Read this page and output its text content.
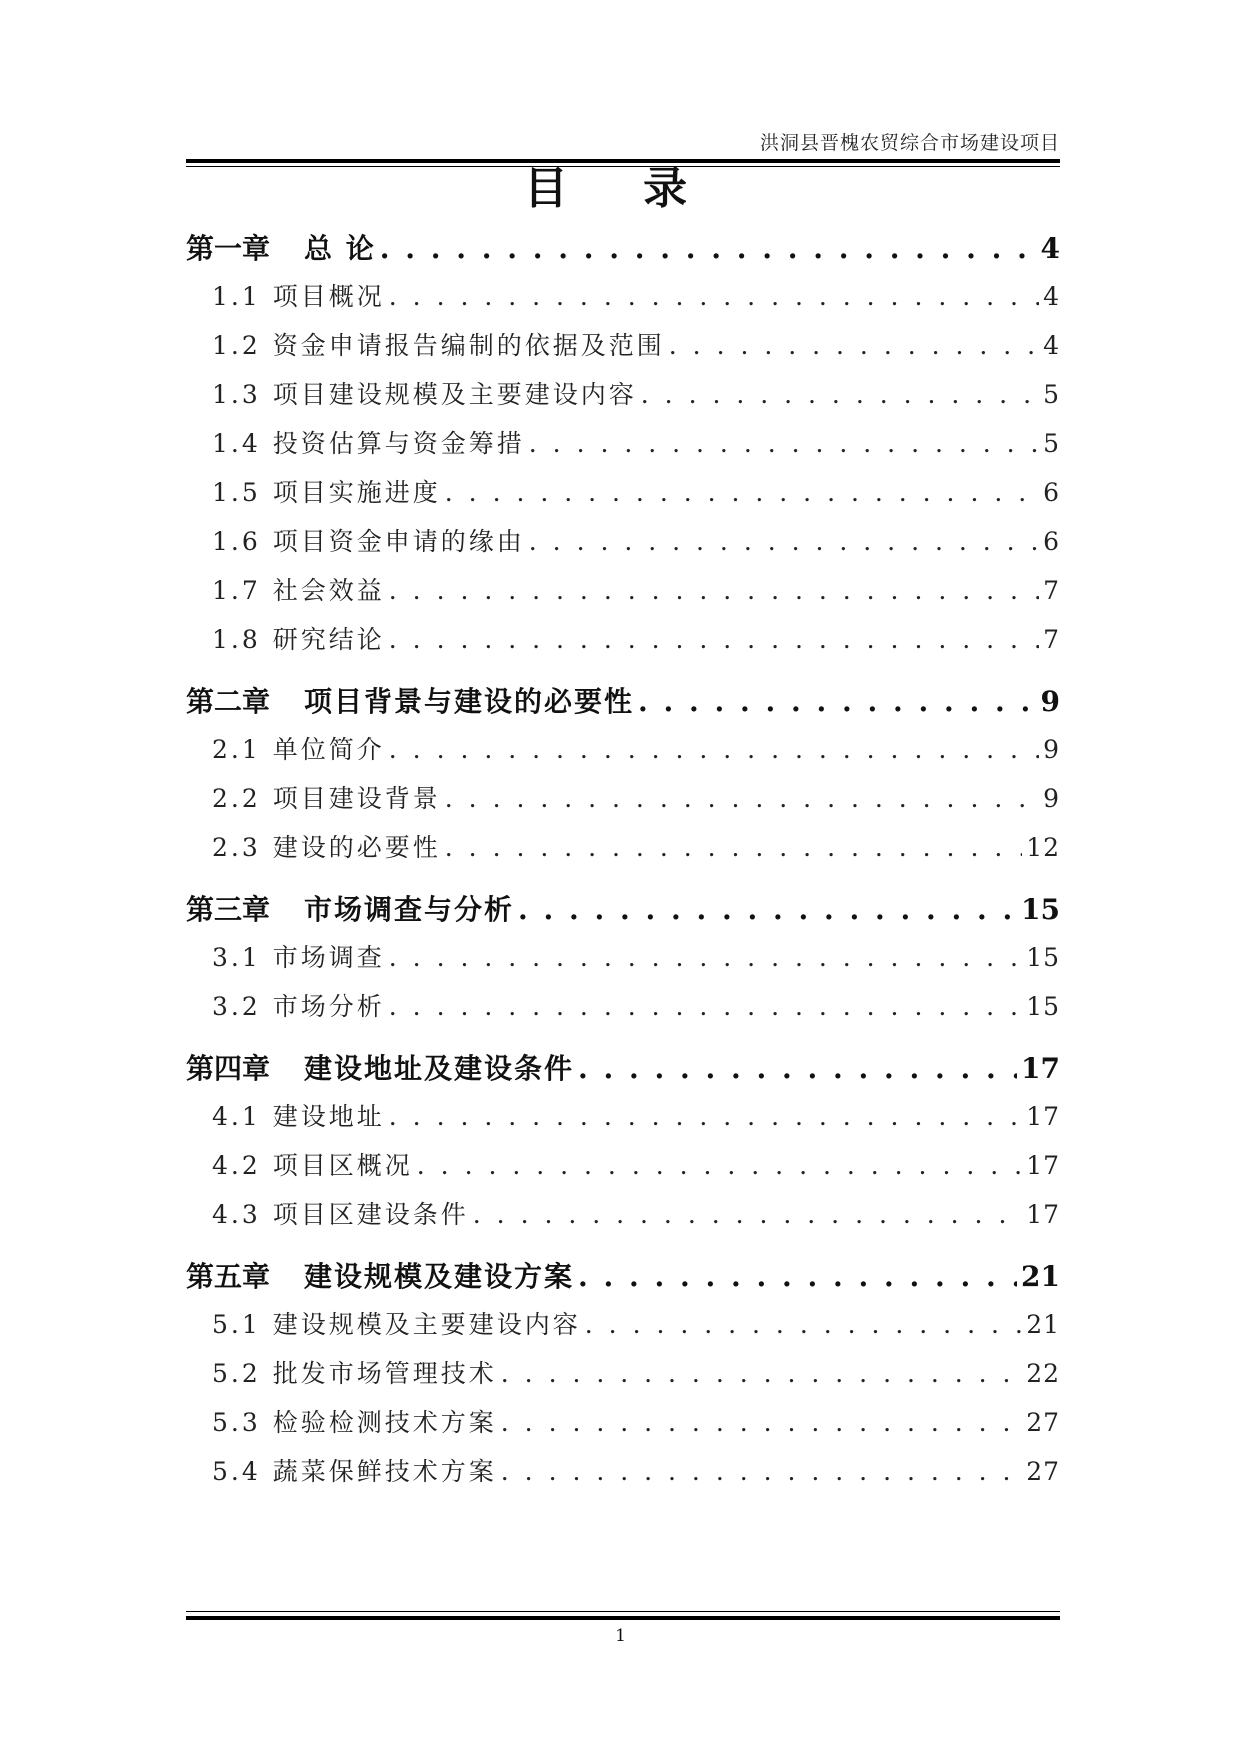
洪洞县晋槐农贸综合市场建设项目
目 录
第一章 总 论 . . .	4
1.1 项目概况 . . .	4
1.2 资金申请报告编制的依据及范围 . . .	4
1.3 项目建设规模及主要建设内容 . . .	5
1.4 投资估算与资金筹措 . . .	5
1.5 项目实施进度 . . .	6
1.6 项目资金申请的缘由 . . .	6
1.7 社会效益 . . .	7
1.8 研究结论 . . .	7
第二章 项目背景与建设的必要性 . . .	9
2.1 单位简介 . . .	9
2.2 项目建设背景 . . .	9
2.3 建设的必要性 . . .	12
第三章 市场调查与分析 . . .	15
3.1 市场调查 . . .	15
3.2 市场分析 . . .	15
第四章 建设地址及建设条件 . . .	17
4.1 建设地址 . . .	17
4.2 项目区概况 . . .	17
4.3 项目区建设条件 . . .	17
第五章 建设规模及建设方案 . . .	21
5.1 建设规模及主要建设内容 . . .	21
5.2 批发市场管理技术 . . .	22
5.3 检验检测技术方案 . . .	27
5.4 蔬菜保鲜技术方案 . . .	27
1
